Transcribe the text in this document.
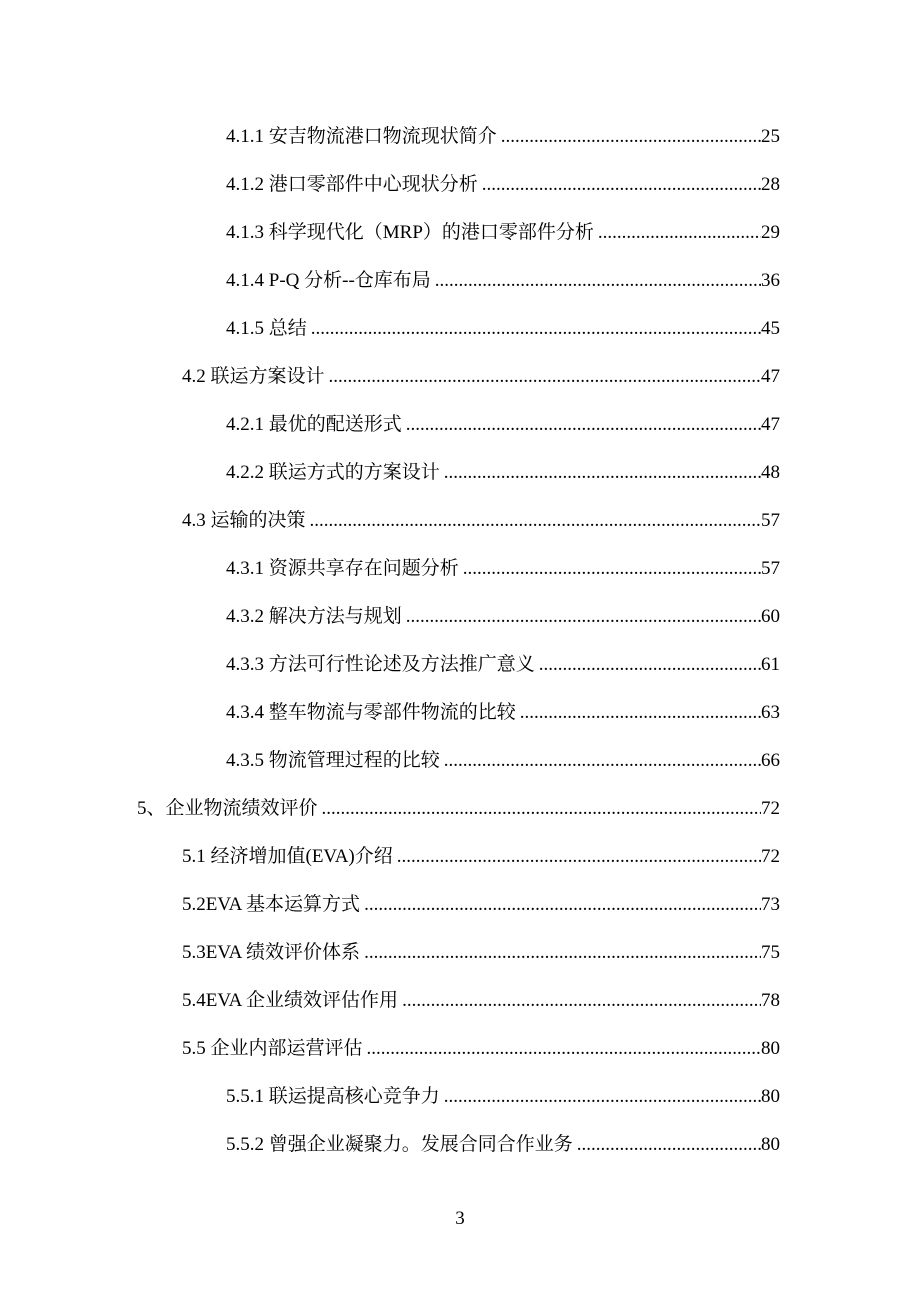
4.1.1 安吉物流港口物流现状简介 .....	25
4.1.2 港口零部件中心现状分析 .....	28
4.1.3 科学现代化（MRP）的港口零部件分析 .....	29
4.1.4 P-Q 分析--仓库布局 .....	36
4.1.5 总结 .....	45
4.2 联运方案设计 .....	47
4.2.1 最优的配送形式 .....	47
4.2.2 联运方式的方案设计 .....	48
4.3 运输的决策 .....	57
4.3.1 资源共享存在问题分析 .....	57
4.3.2 解决方法与规划 .....	60
4.3.3 方法可行性论述及方法推广意义 .....	61
4.3.4 整车物流与零部件物流的比较 .....	63
4.3.5 物流管理过程的比较 .....	66
5、企业物流绩效评价 .....	72
5.1 经济增加值(EVA)介绍 .....	72
5.2EVA 基本运算方式 .....	73
5.3EVA 绩效评价体系 .....	75
5.4EVA 企业绩效评估作用 .....	78
5.5 企业内部运营评估 .....	80
5.5.1 联运提高核心竞争力 .....	80
5.5.2 曾强企业凝聚力。发展合同合作业务 .....	80
3
